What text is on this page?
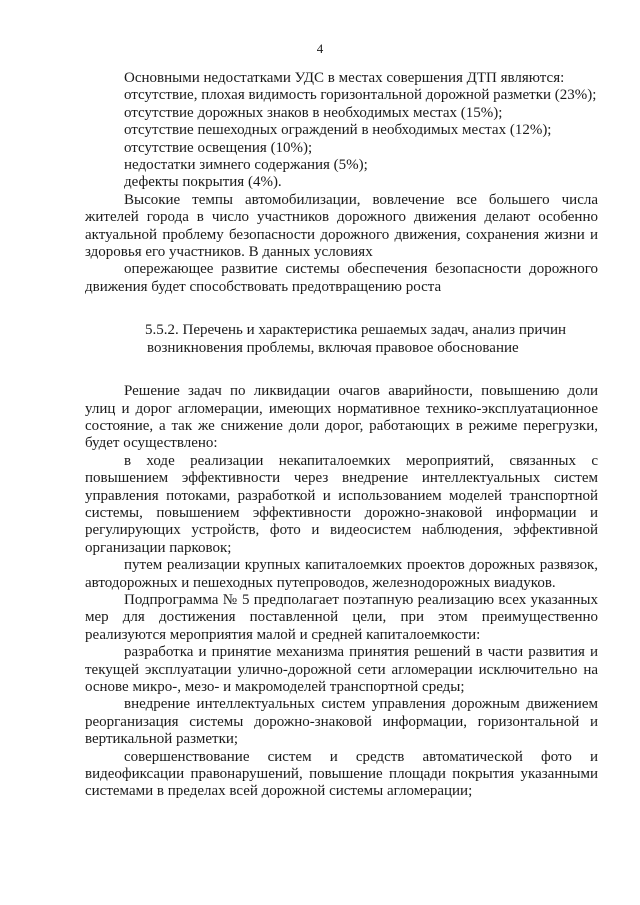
4

Основными недостатками УДС в местах совершения ДТП являются:

отсутствие, плохая видимость горизонтальной дорожной разметки (23%);

отсутствие дорожных знаков в необходимых местах (15%);

отсутствие пешеходных ограждений в необходимых местах (12%);

отсутствие освещения (10%);

недостатки зимнего содержания (5%);

дефекты покрытия (4%).

Высокие темпы автомобилизации, вовлечение все большего числа жителей города в число участников дорожного движения делают особенно актуальной проблему безопасности дорожного движения, сохранения жизни и здоровья его участников. В данных условиях

опережающее развитие системы обеспечения безопасности дорожного движения будет способствовать предотвращению роста

5.5.2. Перечень и характеристика решаемых задач, анализ причин
возникновения проблемы, включая правовое обоснование

Решение задач по ликвидации очагов аварийности, повышению доли улиц и дорог агломерации, имеющих нормативное технико-эксплуатационное состояние, а так же снижение доли дорог, работающих в режиме перегрузки, будет осуществлено:

в ходе реализации некапиталоемких мероприятий, связанных с повышением эффективности через внедрение интеллектуальных систем управления потоками, разработкой и использованием моделей транспортной системы, повышением эффективности дорожно-знаковой информации и регулирующих устройств, фото и видеосистем наблюдения, эффективной организации парковок;

путем реализации крупных капиталоемких проектов дорожных развязок, автодорожных и пешеходных путепроводов, железнодорожных виадуков.

Подпрограмма № 5 предполагает поэтапную реализацию всех указанных мер для достижения поставленной цели, при этом преимущественно реализуются мероприятия малой и средней капиталоемкости:

разработка и принятие механизма принятия решений в части развития и текущей эксплуатации улично-дорожной сети агломерации исключительно на основе микро-, мезо- и макромоделей транспортной среды;

внедрение интеллектуальных систем управления дорожным движением реорганизация системы дорожно-знаковой информации, горизонтальной и вертикальной разметки;

совершенствование систем и средств автоматической фото и видеофиксации правонарушений, повышение площади покрытия указанными системами в пределах всей дорожной системы агломерации;
